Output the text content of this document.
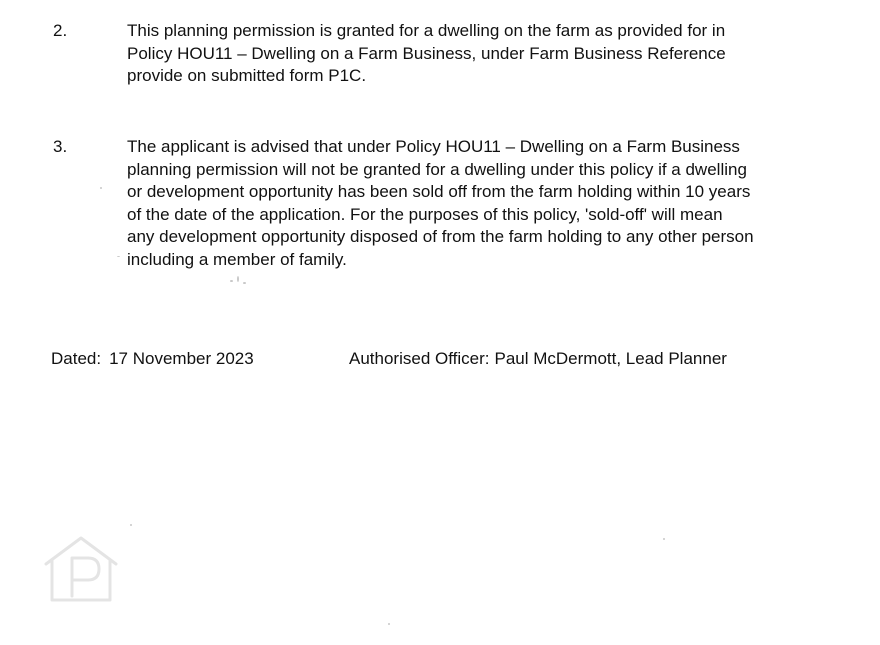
2.	This planning permission is granted for a dwelling on the farm as provided for in
Policy HOU11 – Dwelling on a Farm Business, under Farm Business Reference
provide on submitted form P1C.
3.	The applicant is advised that under Policy HOU11 – Dwelling on a Farm Business
planning permission will not be granted for a dwelling under this policy if a dwelling
or development opportunity has been sold off from the farm holding within 10 years
of the date of the application. For the purposes of this policy, 'sold-off' will mean
any development opportunity disposed of from the farm holding to any other person
including a member of family.
Dated: 17 November 2023	Authorised Officer: Paul McDermott, Lead Planner
